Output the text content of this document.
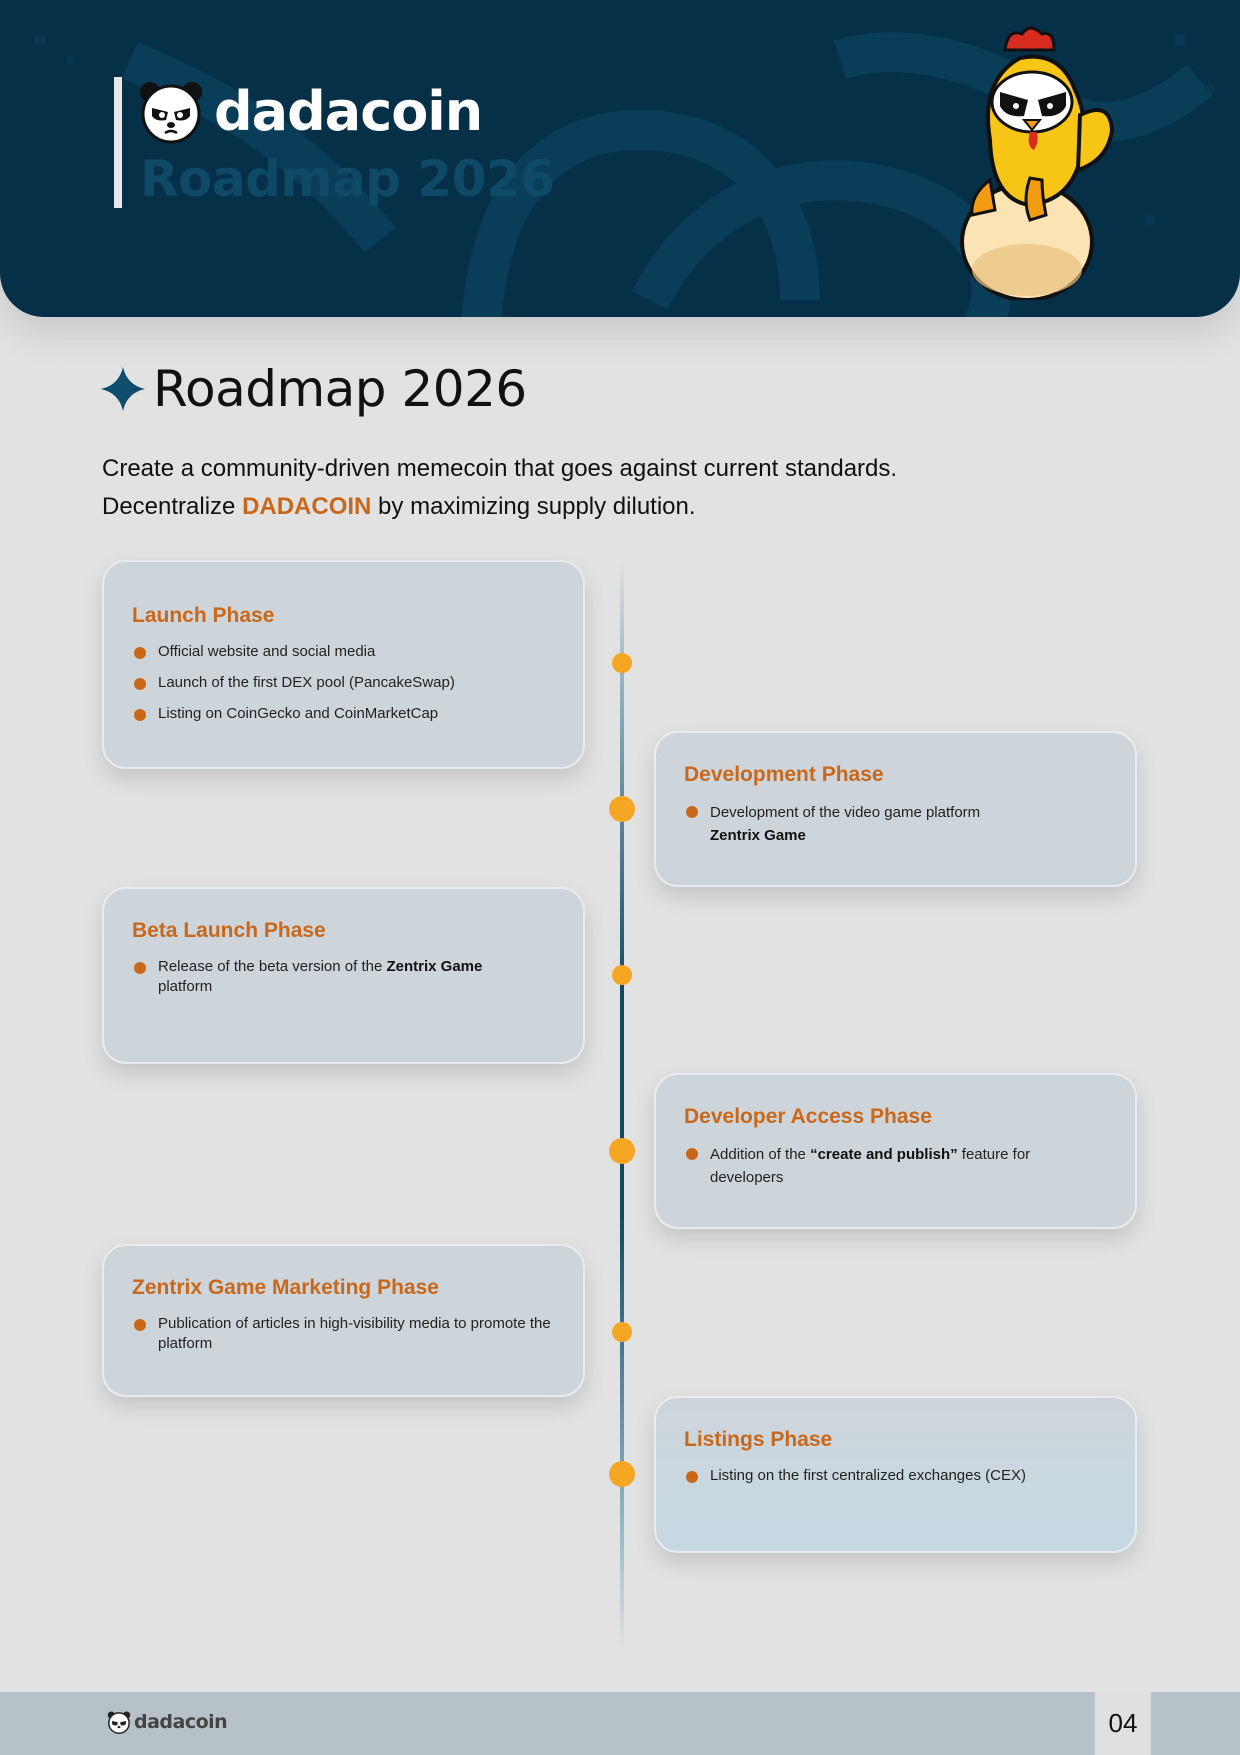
dadacoin
Roadmap 2026
Roadmap 2026
Create a community-driven memecoin that goes against current standards.
Decentralize DADACOIN by maximizing supply dilution.
Launch Phase
Official website and social media
Launch of the first DEX pool (PancakeSwap)
Listing on CoinGecko and CoinMarketCap
Development Phase
Development of the video game platform
Zentrix Game
Beta Launch Phase
Release of the beta version of the Zentrix Game platform
Developer Access Phase
Addition of the “create and publish” feature for developers
Zentrix Game Marketing Phase
Publication of articles in high-visibility media to promote the platform
Listings Phase
Listing on the first centralized exchanges (CEX)
dadacoin	04
